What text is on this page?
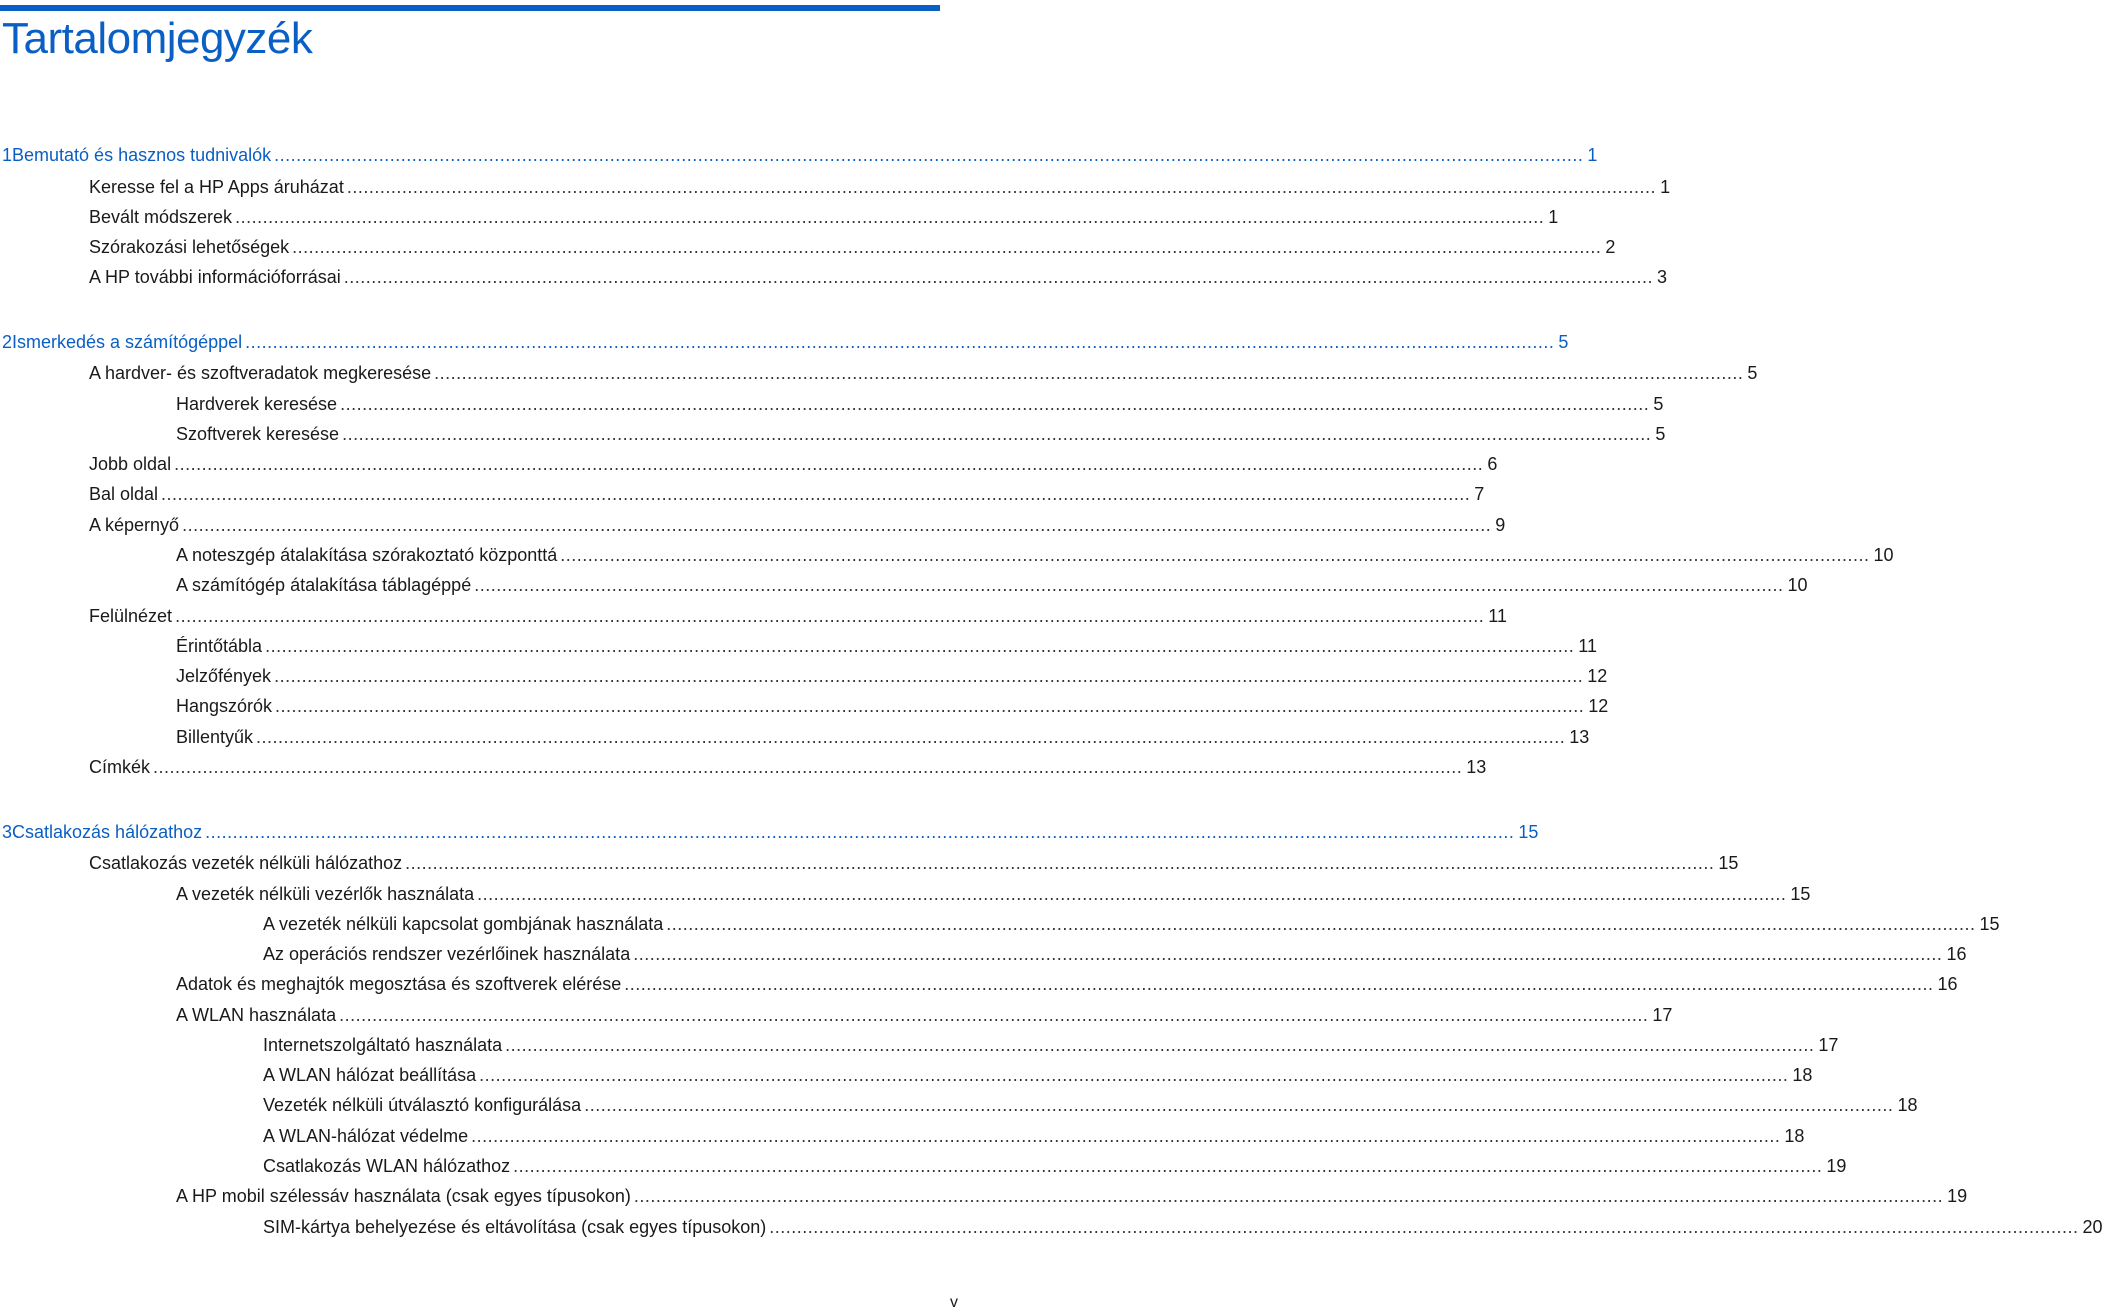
Tartalomjegyzék
1 Bemutató és hasznos tudnivalók .............................................................................................................................................................................................................................................. 1
Keresse fel a HP Apps áruházat .............................................................................................................................................................................................................................................. 1
Bevált módszerek .............................................................................................................................................................................................................................................. 1
Szórakozási lehetőségek .............................................................................................................................................................................................................................................. 2
A HP további információforrásai .............................................................................................................................................................................................................................................. 3
2 Ismerkedés a számítógéppel .............................................................................................................................................................................................................................................. 5
A hardver- és szoftveradatok megkeresése .............................................................................................................................................................................................................................................. 5
Hardverek keresése .............................................................................................................................................................................................................................................. 5
Szoftverek keresése .............................................................................................................................................................................................................................................. 5
Jobb oldal .............................................................................................................................................................................................................................................. 6
Bal oldal .............................................................................................................................................................................................................................................. 7
A képernyő .............................................................................................................................................................................................................................................. 9
A noteszgép átalakítása szórakoztató központtá .............................................................................................................................................................................................................................................. 10
A számítógép átalakítása táblagéppé .............................................................................................................................................................................................................................................. 10
Felülnézet .............................................................................................................................................................................................................................................. 11
Érintőtábla .............................................................................................................................................................................................................................................. 11
Jelzőfények .............................................................................................................................................................................................................................................. 12
Hangszórók .............................................................................................................................................................................................................................................. 12
Billentyűk .............................................................................................................................................................................................................................................. 13
Címkék .............................................................................................................................................................................................................................................. 13
3 Csatlakozás hálózathoz .............................................................................................................................................................................................................................................. 15
Csatlakozás vezeték nélküli hálózathoz .............................................................................................................................................................................................................................................. 15
A vezeték nélküli vezérlők használata .............................................................................................................................................................................................................................................. 15
A vezeték nélküli kapcsolat gombjának használata .............................................................................................................................................................................................................................................. 15
Az operációs rendszer vezérlőinek használata .............................................................................................................................................................................................................................................. 16
Adatok és meghajtók megosztása és szoftverek elérése .............................................................................................................................................................................................................................................. 16
A WLAN használata .............................................................................................................................................................................................................................................. 17
Internetszolgáltató használata .............................................................................................................................................................................................................................................. 17
A WLAN hálózat beállítása .............................................................................................................................................................................................................................................. 18
Vezeték nélküli útválasztó konfigurálása .............................................................................................................................................................................................................................................. 18
A WLAN-hálózat védelme .............................................................................................................................................................................................................................................. 18
Csatlakozás WLAN hálózathoz .............................................................................................................................................................................................................................................. 19
A HP mobil szélessáv használata (csak egyes típusokon) .............................................................................................................................................................................................................................................. 19
SIM-kártya behelyezése és eltávolítása (csak egyes típusokon) .............................................................................................................................................................................................................................................. 20
v
